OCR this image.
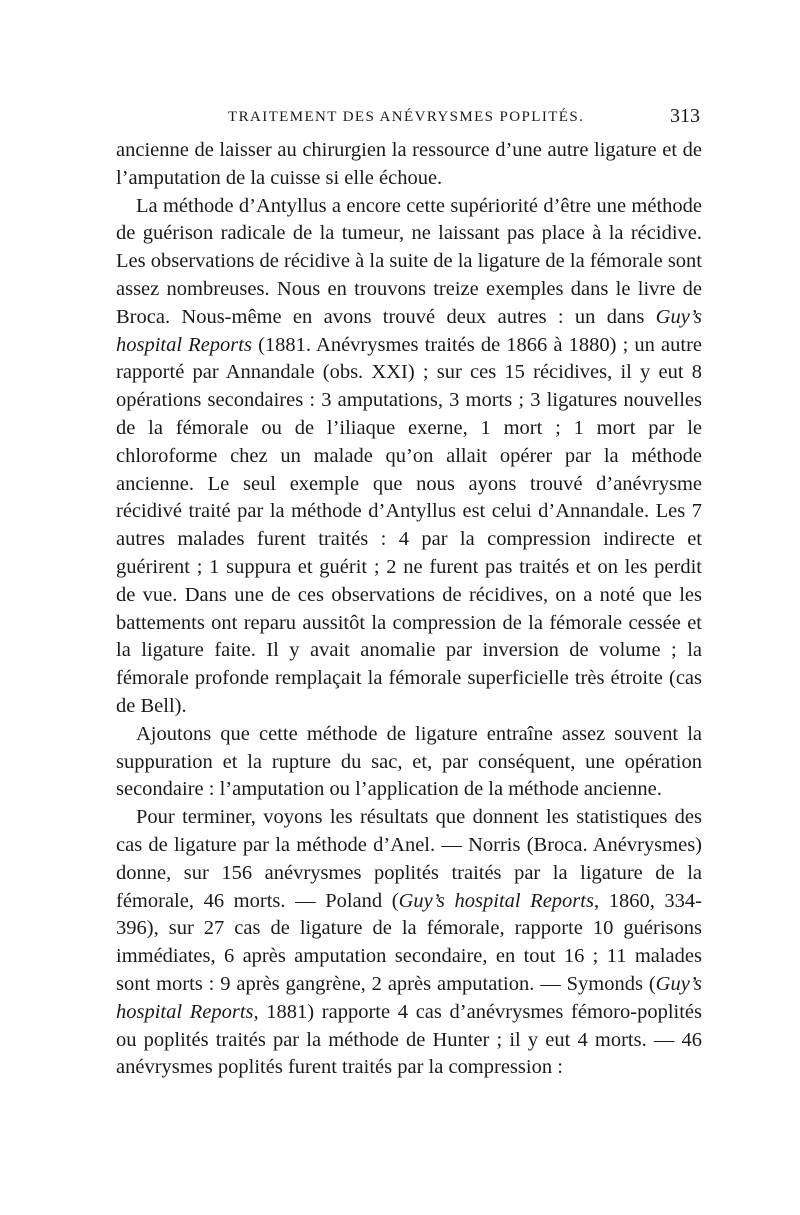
TRAITEMENT DES ANÉVRYSMES POPLITÉS.	313

ancienne de laisser au chirurgien la ressource d’une autre ligature et de l’amputation de la cuisse si elle échoue.

La méthode d’Antyllus a encore cette supériorité d’être une méthode de guérison radicale de la tumeur, ne laissant pas place à la récidive. Les observations de récidive à la suite de la ligature de la fémorale sont assez nombreuses. Nous en trouvons treize exemples dans le livre de Broca. Nous-même en avons trouvé deux autres : un dans Guy’s hospital Reports (1881. Anévrysmes traités de 1866 à 1880) ; un autre rapporté par Annandale (obs. XXI) ; sur ces 15 récidives, il y eut 8 opérations secondaires : 3 amputations, 3 morts ; 3 ligatures nouvelles de la fémorale ou de l’iliaque exerne, 1 mort ; 1 mort par le chloroforme chez un malade qu’on allait opérer par la méthode ancienne. Le seul exemple que nous ayons trouvé d’anévrysme récidivé traité par la méthode d’Antyllus est celui d’Annandale. Les 7 autres malades furent traités : 4 par la compression indirecte et guérirent ; 1 suppura et guérit ; 2 ne furent pas traités et on les perdit de vue. Dans une de ces observations de récidives, on a noté que les battements ont reparu aussitôt la compression de la fémorale cessée et la ligature faite. Il y avait anomalie par inversion de volume ; la fémorale profonde remplaçait la fémorale superficielle très étroite (cas de Bell).

Ajoutons que cette méthode de ligature entraîne assez souvent la suppuration et la rupture du sac, et, par conséquent, une opération secondaire : l’amputation ou l’application de la méthode ancienne.

Pour terminer, voyons les résultats que donnent les statistiques des cas de ligature par la méthode d’Anel. — Norris (Broca. Anévrysmes) donne, sur 156 anévrysmes poplités traités par la ligature de la fémorale, 46 morts. — Poland (Guy’s hospital Reports, 1860, 334-396), sur 27 cas de ligature de la fémorale, rapporte 10 guérisons immédiates, 6 après amputation secondaire, en tout 16 ; 11 malades sont morts : 9 après gangrène, 2 après amputation. — Symonds (Guy’s hospital Reports, 1881) rapporte 4 cas d’anévrysmes fémoro-poplités ou poplités traités par la méthode de Hunter ; il y eut 4 morts. — 46 anévrysmes poplités furent traités par la compression :
